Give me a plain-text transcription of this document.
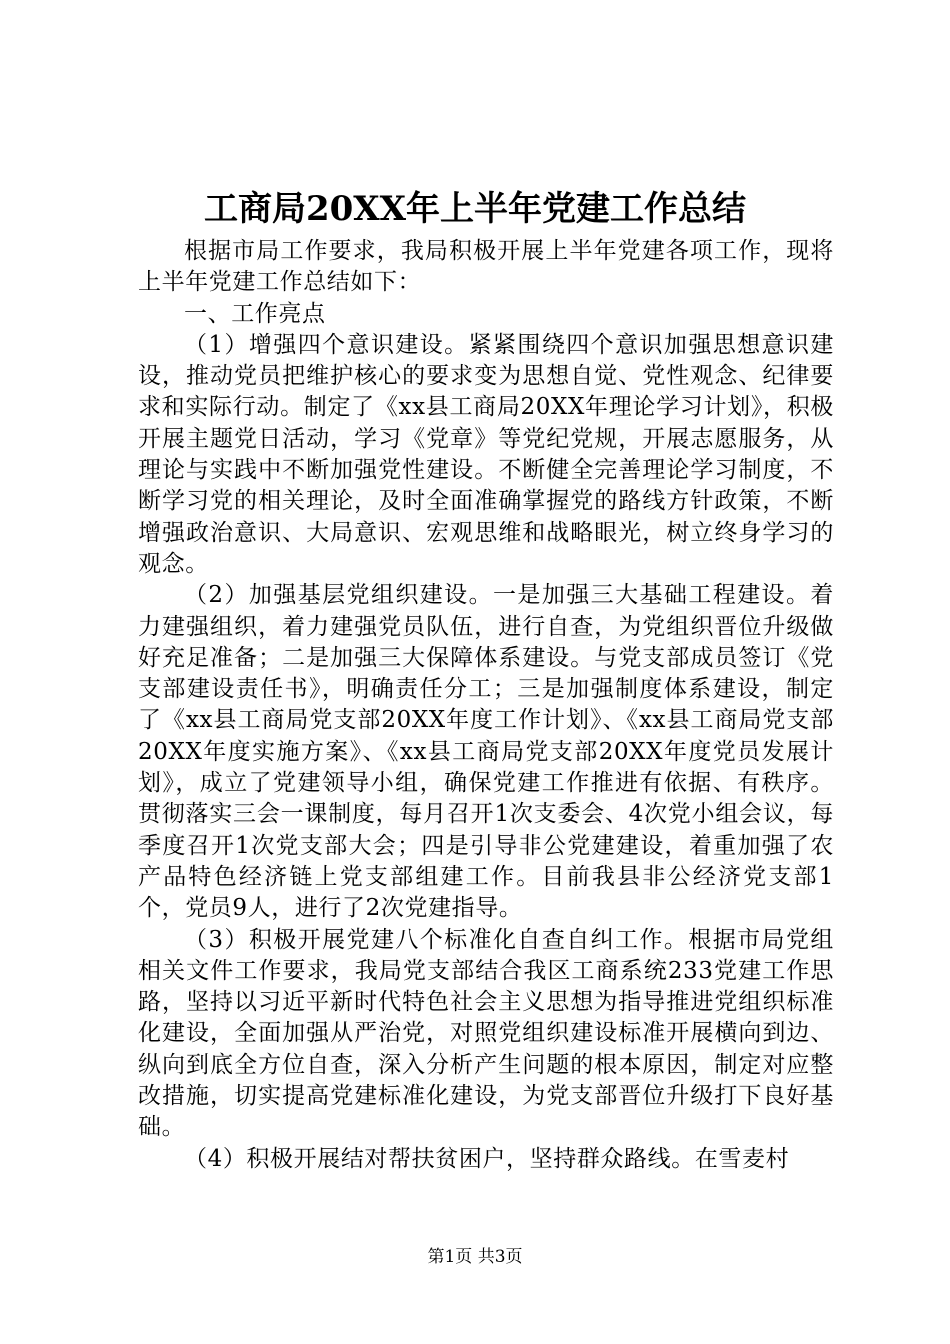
工商局20XX年上半年党建工作总结

根据市局工作要求，我局积极开展上半年党建各项工作，现将上半年党建工作总结如下：

一、工作亮点

（1）增强四个意识建设。紧紧围绕四个意识加强思想意识建设，推动党员把维护核心的要求变为思想自觉、党性观念、纪律要求和实际行动。制定了《xx县工商局20XX年理论学习计划》，积极开展主题党日活动，学习《党章》等党纪党规，开展志愿服务，从理论与实践中不断加强党性建设。不断健全完善理论学习制度，不断学习党的相关理论，及时全面准确掌握党的路线方针政策，不断增强政治意识、大局意识、宏观思维和战略眼光，树立终身学习的观念。

（2）加强基层党组织建设。一是加强三大基础工程建设。着力建强组织，着力建强党员队伍，进行自查，为党组织晋位升级做好充足准备；二是加强三大保障体系建设。与党支部成员签订《党支部建设责任书》，明确责任分工；三是加强制度体系建设，制定了《xx县工商局党支部20XX年度工作计划》、《xx县工商局党支部20XX年度实施方案》、《xx县工商局党支部20XX年度党员发展计划》，成立了党建领导小组，确保党建工作推进有依据、有秩序。贯彻落实三会一课制度，每月召开1次支委会、4次党小组会议，每季度召开1次党支部大会；四是引导非公党建建设，着重加强了农产品特色经济链上党支部组建工作。目前我县非公经济党支部1个，党员9人，进行了2次党建指导。

（3）积极开展党建八个标准化自查自纠工作。根据市局党组相关文件工作要求，我局党支部结合我区工商系统233党建工作思路，坚持以习近平新时代特色社会主义思想为指导推进党组织标准化建设，全面加强从严治党，对照党组织建设标准开展横向到边、纵向到底全方位自查，深入分析产生问题的根本原因，制定对应整改措施，切实提高党建标准化建设，为党支部晋位升级打下良好基础。

（4）积极开展结对帮扶贫困户，坚持群众路线。在雪麦村

第1页 共3页
